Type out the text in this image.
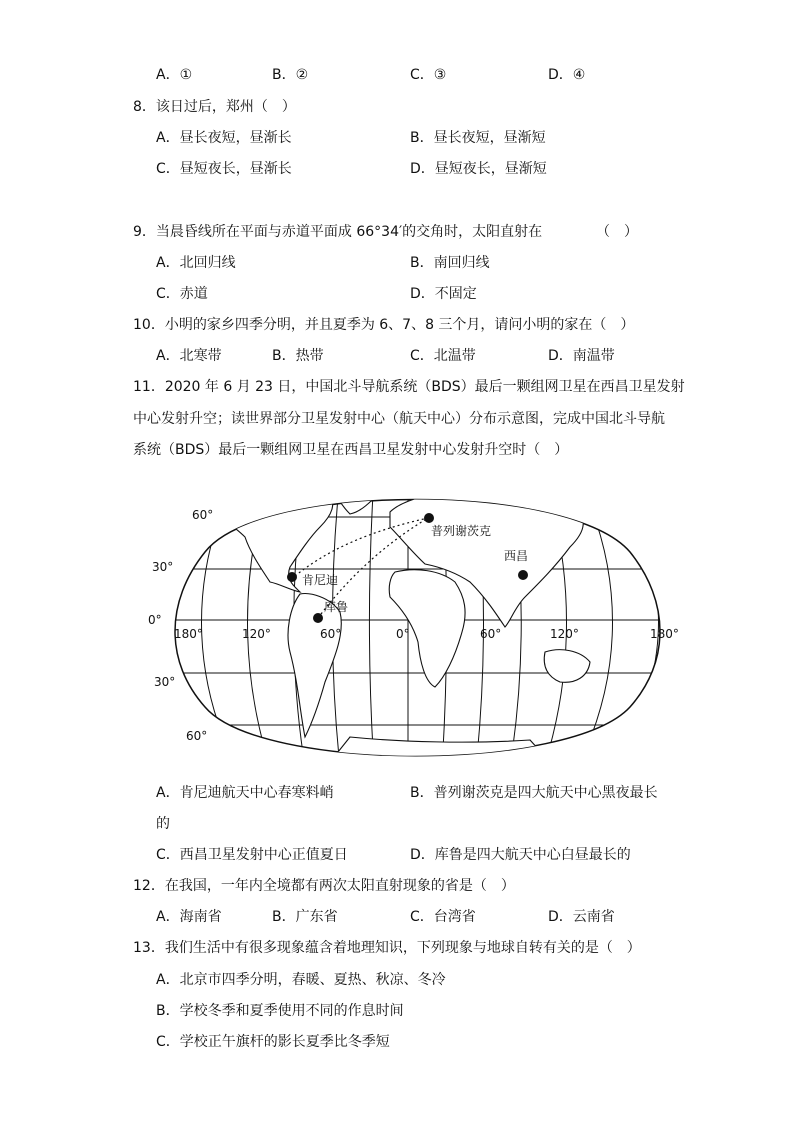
A．①	B．②	C．③	D．④
8．该日过后，郑州（　）
A．昼长夜短，昼渐长	B．昼长夜短，昼渐短
C．昼短夜长，昼渐长	D．昼短夜长，昼渐短
9．当晨昏线所在平面与赤道平面成 66°34′的交角时，太阳直射在	（　）
A．北回归线	B．南回归线
C．赤道	D．不固定
10．小明的家乡四季分明，并且夏季为 6、7、8 三个月，请问小明的家在（　）
A．北寒带	B．热带	C．北温带	D．南温带
11．2020 年 6 月 23 日，中国北斗导航系统（BDS）最后一颗组网卫星在西昌卫星发射
中心发射升空；读世界部分卫星发射中心（航天中心）分布示意图，完成中国北斗导航
系统（BDS）最后一颗组网卫星在西昌卫星发射中心发射升空时（　）
60°
30°
0°
30°
60°
180°	120°	60°	0°	60°	120°	180°
普列谢茨克
西昌
肯尼迪
库鲁
A．肯尼迪航天中心春寒料峭	B．普列谢茨克是四大航天中心黑夜最长
的
C．西昌卫星发射中心正值夏日	D．库鲁是四大航天中心白昼最长的
12．在我国，一年内全境都有两次太阳直射现象的省是（　）
A．海南省	B．广东省	C．台湾省	D．云南省
13．我们生活中有很多现象蕴含着地理知识，下列现象与地球自转有关的是（　）
A．北京市四季分明，春暖、夏热、秋凉、冬冷
B．学校冬季和夏季使用不同的作息时间
C．学校正午旗杆的影长夏季比冬季短
